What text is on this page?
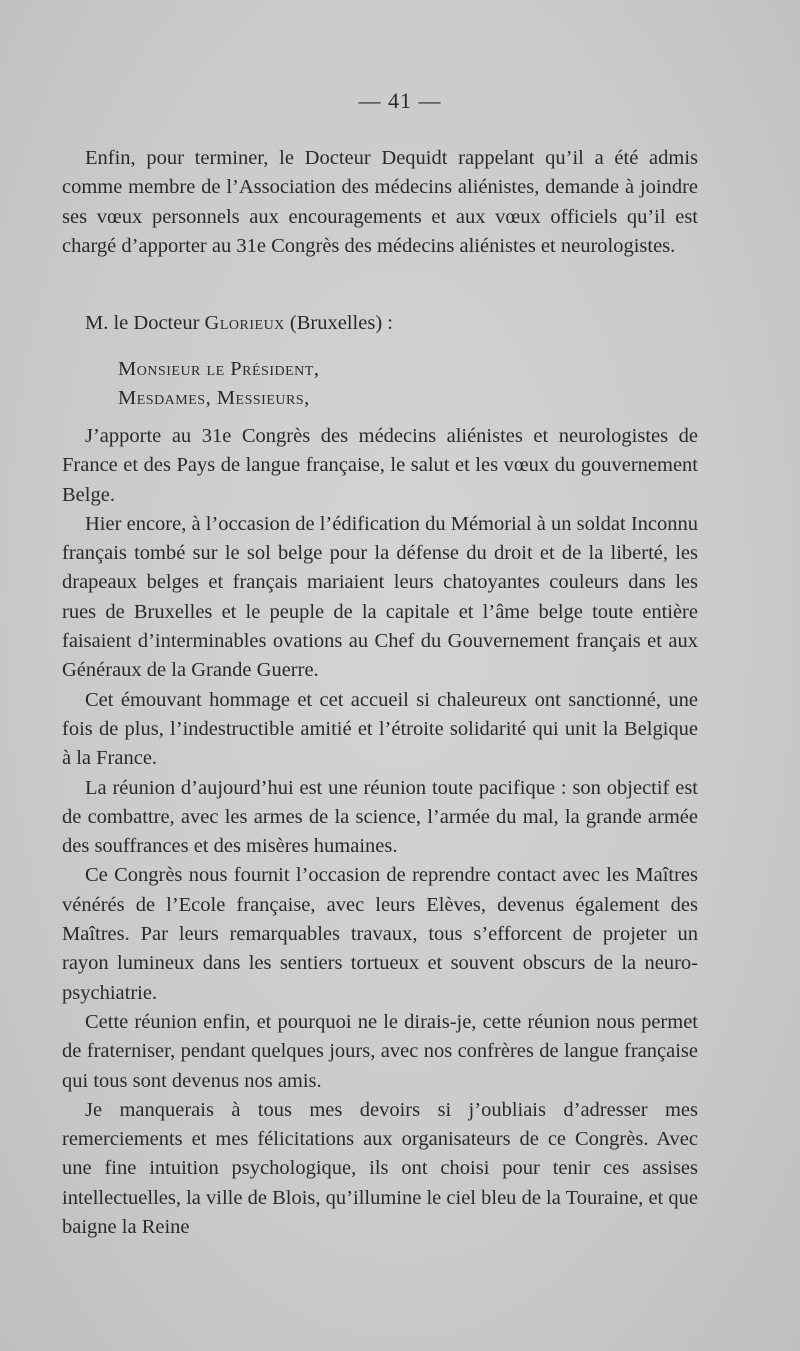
— 41 —

Enfin, pour terminer, le Docteur Dequidt rappelant qu’il a été admis comme membre de l’Association des médecins aliénistes, demande à joindre ses vœux personnels aux encouragements et aux vœux officiels qu’il est chargé d’apporter au 31e Congrès des médecins aliénistes et neurologistes.

M. le Docteur Glorieux (Bruxelles) :

Monsieur le Président,

Mesdames, Messieurs,

J’apporte au 31e Congrès des médecins aliénistes et neurologistes de France et des Pays de langue française, le salut et les vœux du gouvernement Belge.

Hier encore, à l’occasion de l’édification du Mémorial à un soldat Inconnu français tombé sur le sol belge pour la défense du droit et de la liberté, les drapeaux belges et français mariaient leurs chatoyantes couleurs dans les rues de Bruxelles et le peuple de la capitale et l’âme belge toute entière faisaient d’interminables ovations au Chef du Gouvernement français et aux Généraux de la Grande Guerre.

Cet émouvant hommage et cet accueil si chaleureux ont sanctionné, une fois de plus, l’indestructible amitié et l’étroite solidarité qui unit la Belgique à la France.

La réunion d’aujourd’hui est une réunion toute pacifique : son objectif est de combattre, avec les armes de la science, l’armée du mal, la grande armée des souffrances et des misères humaines.

Ce Congrès nous fournit l’occasion de reprendre contact avec les Maîtres vénérés de l’Ecole française, avec leurs Elèves, devenus également des Maîtres. Par leurs remarquables travaux, tous s’efforcent de projeter un rayon lumineux dans les sentiers tortueux et souvent obscurs de la neuro-psychiatrie.

Cette réunion enfin, et pourquoi ne le dirais-je, cette réunion nous permet de fraterniser, pendant quelques jours, avec nos confrères de langue française qui tous sont devenus nos amis.

Je manquerais à tous mes devoirs si j’oubliais d’adresser mes remerciements et mes félicitations aux organisateurs de ce Congrès. Avec une fine intuition psychologique, ils ont choisi pour tenir ces assises intellectuelles, la ville de Blois, qu’illumine le ciel bleu de la Touraine, et que baigne la Reine
